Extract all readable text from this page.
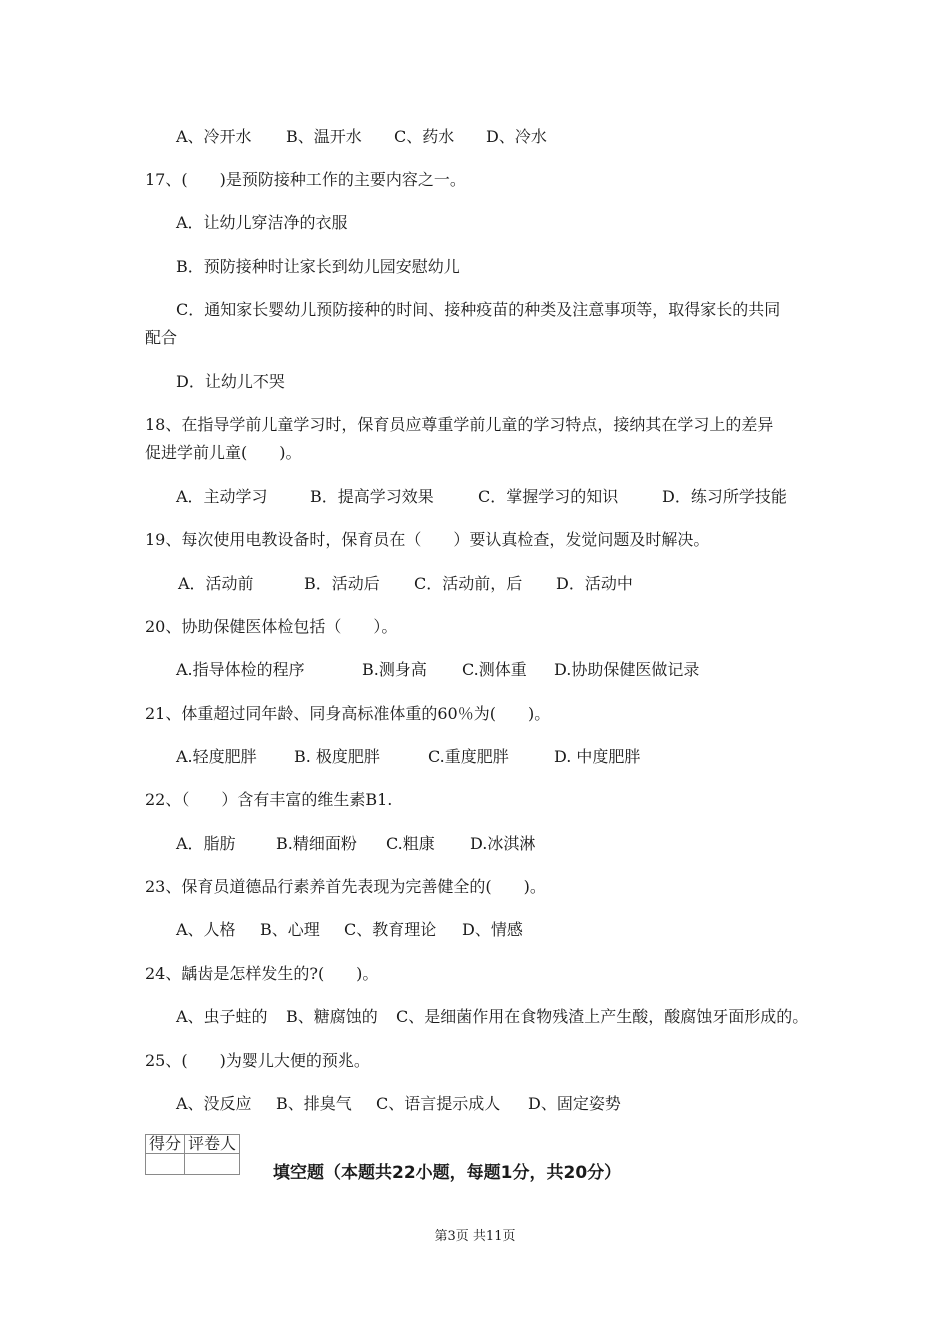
A、冷开水 B、温开水 C、药水 D、冷水
17、(　　)是预防接种工作的主要内容之一。
A．让幼儿穿洁净的衣服
B．预防接种时让家长到幼儿园安慰幼儿
C．通知家长婴幼儿预防接种的时间、接种疫苗的种类及注意事项等，取得家长的共同
配合
D．让幼儿不哭
18、在指导学前儿童学习时，保育员应尊重学前儿童的学习特点，接纳其在学习上的差异
促进学前儿童(　　)。
A．主动学习	B．提高学习效果	C．掌握学习的知识	D．练习所学技能
19、每次使用电教设备时，保育员在（　　）要认真检查，发觉问题及时解决。
A．活动前	B．活动后 C．活动前，后 D．活动中
20、协助保健医体检包括（　　）。
A.指导体检的程序	B.测身高 C.测体重 D.协助保健医做记录
21、体重超过同年龄、同身高标准体重的60％为(　　)。
A.轻度肥胖 B. 极度肥胖	C.重度肥胖	D. 中度肥胖
22、（　　）含有丰富的维生素B1.
A．脂肪	B.精细面粉 C.粗康 D.冰淇淋
23、保育员道德品行素养首先表现为完善健全的(　　)。
A、人格 B、心理 C、教育理论 D、情感
24、龋齿是怎样发生的?(　　)。
A、虫子蛀的 B、糖腐蚀的 C、是细菌作用在食物残渣上产生酸，酸腐蚀牙面形成的。
25、(　　)为婴儿大便的预兆。
A、没反应 B、排臭气 C、语言提示成人 D、固定姿势
得分	评卷人

填空题（本题共22小题，每题1分，共20分）
第3页 共11页
